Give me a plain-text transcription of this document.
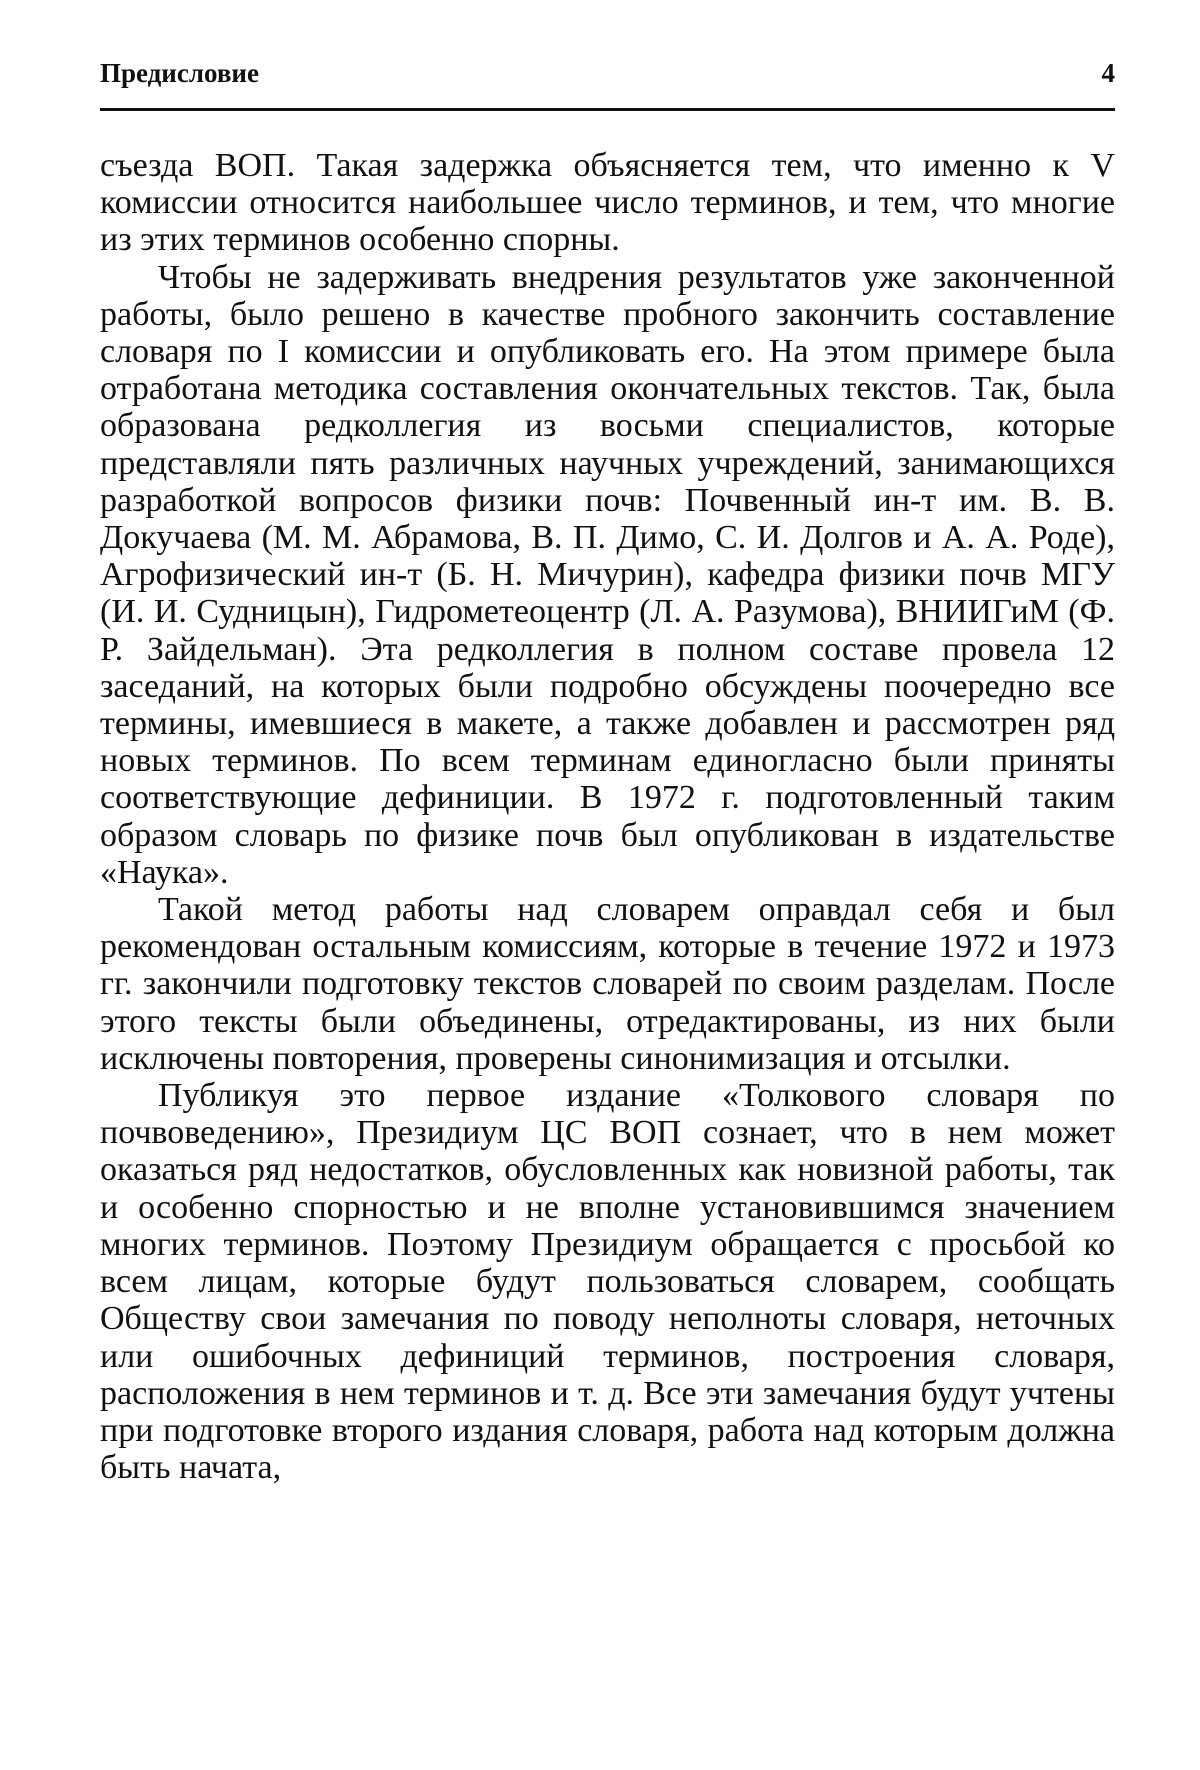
Предисловие	4

съезда ВОП. Такая задержка объясняется тем, что именно к V комиссии относится наибольшее число терминов, и тем, что многие из этих терминов особенно спорны.

Чтобы не задерживать внедрения результатов уже законченной работы, было решено в качестве пробного закончить составление словаря по I комиссии и опубликовать его. На этом примере была отработана методика составления окончательных текстов. Так, была образована редколлегия из восьми специалистов, которые представляли пять различных научных учреждений, занимающихся разработкой вопросов физики почв: Почвенный ин-т им. В. В. Докучаева (М. М. Абрамова, В. П. Димо, С. И. Долгов и А. А. Роде), Агрофизический ин-т (Б. Н. Мичурин), кафедра физики почв МГУ (И. И. Судницын), Гидрометеоцентр (Л. А. Разумова), ВНИИГиМ (Ф. Р. Зайдельман). Эта редколлегия в полном составе провела 12 заседаний, на которых были подробно обсуждены поочередно все термины, имевшиеся в макете, а также добавлен и рассмотрен ряд новых терминов. По всем терминам единогласно были приняты соответствующие дефиниции. В 1972 г. подготовленный таким образом словарь по физике почв был опубликован в издательстве «Наука».

Такой метод работы над словарем оправдал себя и был рекомендован остальным комиссиям, которые в течение 1972 и 1973 гг. закончили подготовку текстов словарей по своим разделам. После этого тексты были объединены, отредактированы, из них были исключены повторения, проверены синонимизация и отсылки.

Публикуя это первое издание «Толкового словаря по почвоведению», Президиум ЦС ВОП сознает, что в нем может оказаться ряд недостатков, обусловленных как новизной работы, так и особенно спорностью и не вполне установившимся значением многих терминов. Поэтому Президиум обращается с просьбой ко всем лицам, которые будут пользоваться словарем, сообщать Обществу свои замечания по поводу неполноты словаря, неточных или ошибочных дефиниций терминов, построения словаря, расположения в нем терминов и т. д. Все эти замечания будут учтены при подготовке второго издания словаря, работа над которым должна быть начата,
